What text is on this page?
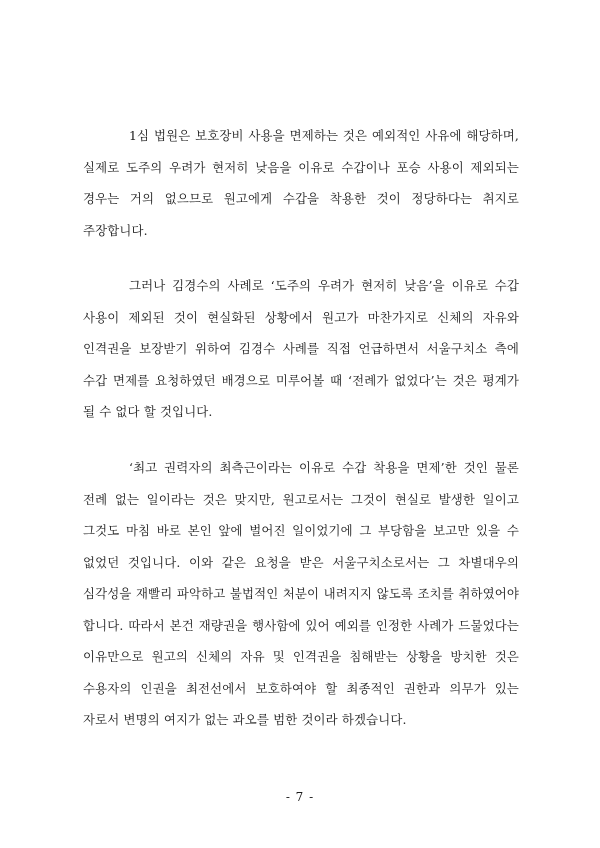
1심 법원은 보호장비 사용을 면제하는 것은 예외적인 사유에 해당하며, 실제로 도주의 우려가 현저히 낮음을 이유로 수갑이나 포승 사용이 제외되는 경우는 거의 없으므로 원고에게 수갑을 착용한 것이 정당하다는 취지로 주장합니다.

그러나 김경수의 사례로 ‘도주의 우려가 현저히 낮음’을 이유로 수갑 사용이 제외된 것이 현실화된 상황에서 원고가 마찬가지로 신체의 자유와 인격권을 보장받기 위하여 김경수 사례를 직접 언급하면서 서울구치소 측에 수갑 면제를 요청하였던 배경으로 미루어볼 때 ‘전례가 없었다’는 것은 평계가 될 수 없다 할 것입니다.

‘최고 권력자의 최측근이라는 이유로 수갑 착용을 면제’한 것인 물론 전례 없는 일이라는 것은 맞지만, 원고로서는 그것이 현실로 발생한 일이고 그것도 마침 바로 본인 앞에 벌어진 일이었기에 그 부당함을 보고만 있을 수 없었던 것입니다. 이와 같은 요청을 받은 서울구치소로서는 그 차별대우의 심각성을 재빨리 파악하고 불법적인 처분이 내려지지 않도록 조치를 취하였어야 합니다. 따라서 본건 재량권을 행사함에 있어 예외를 인정한 사례가 드물었다는 이유만으로 원고의 신체의 자유 및 인격권을 침해받는 상황을 방치한 것은 수용자의 인권을 최전선에서 보호하여야 할 최종적인 권한과 의무가 있는 자로서 변명의 여지가 없는 과오를 범한 것이라 하겠습니다.

- 7 -
